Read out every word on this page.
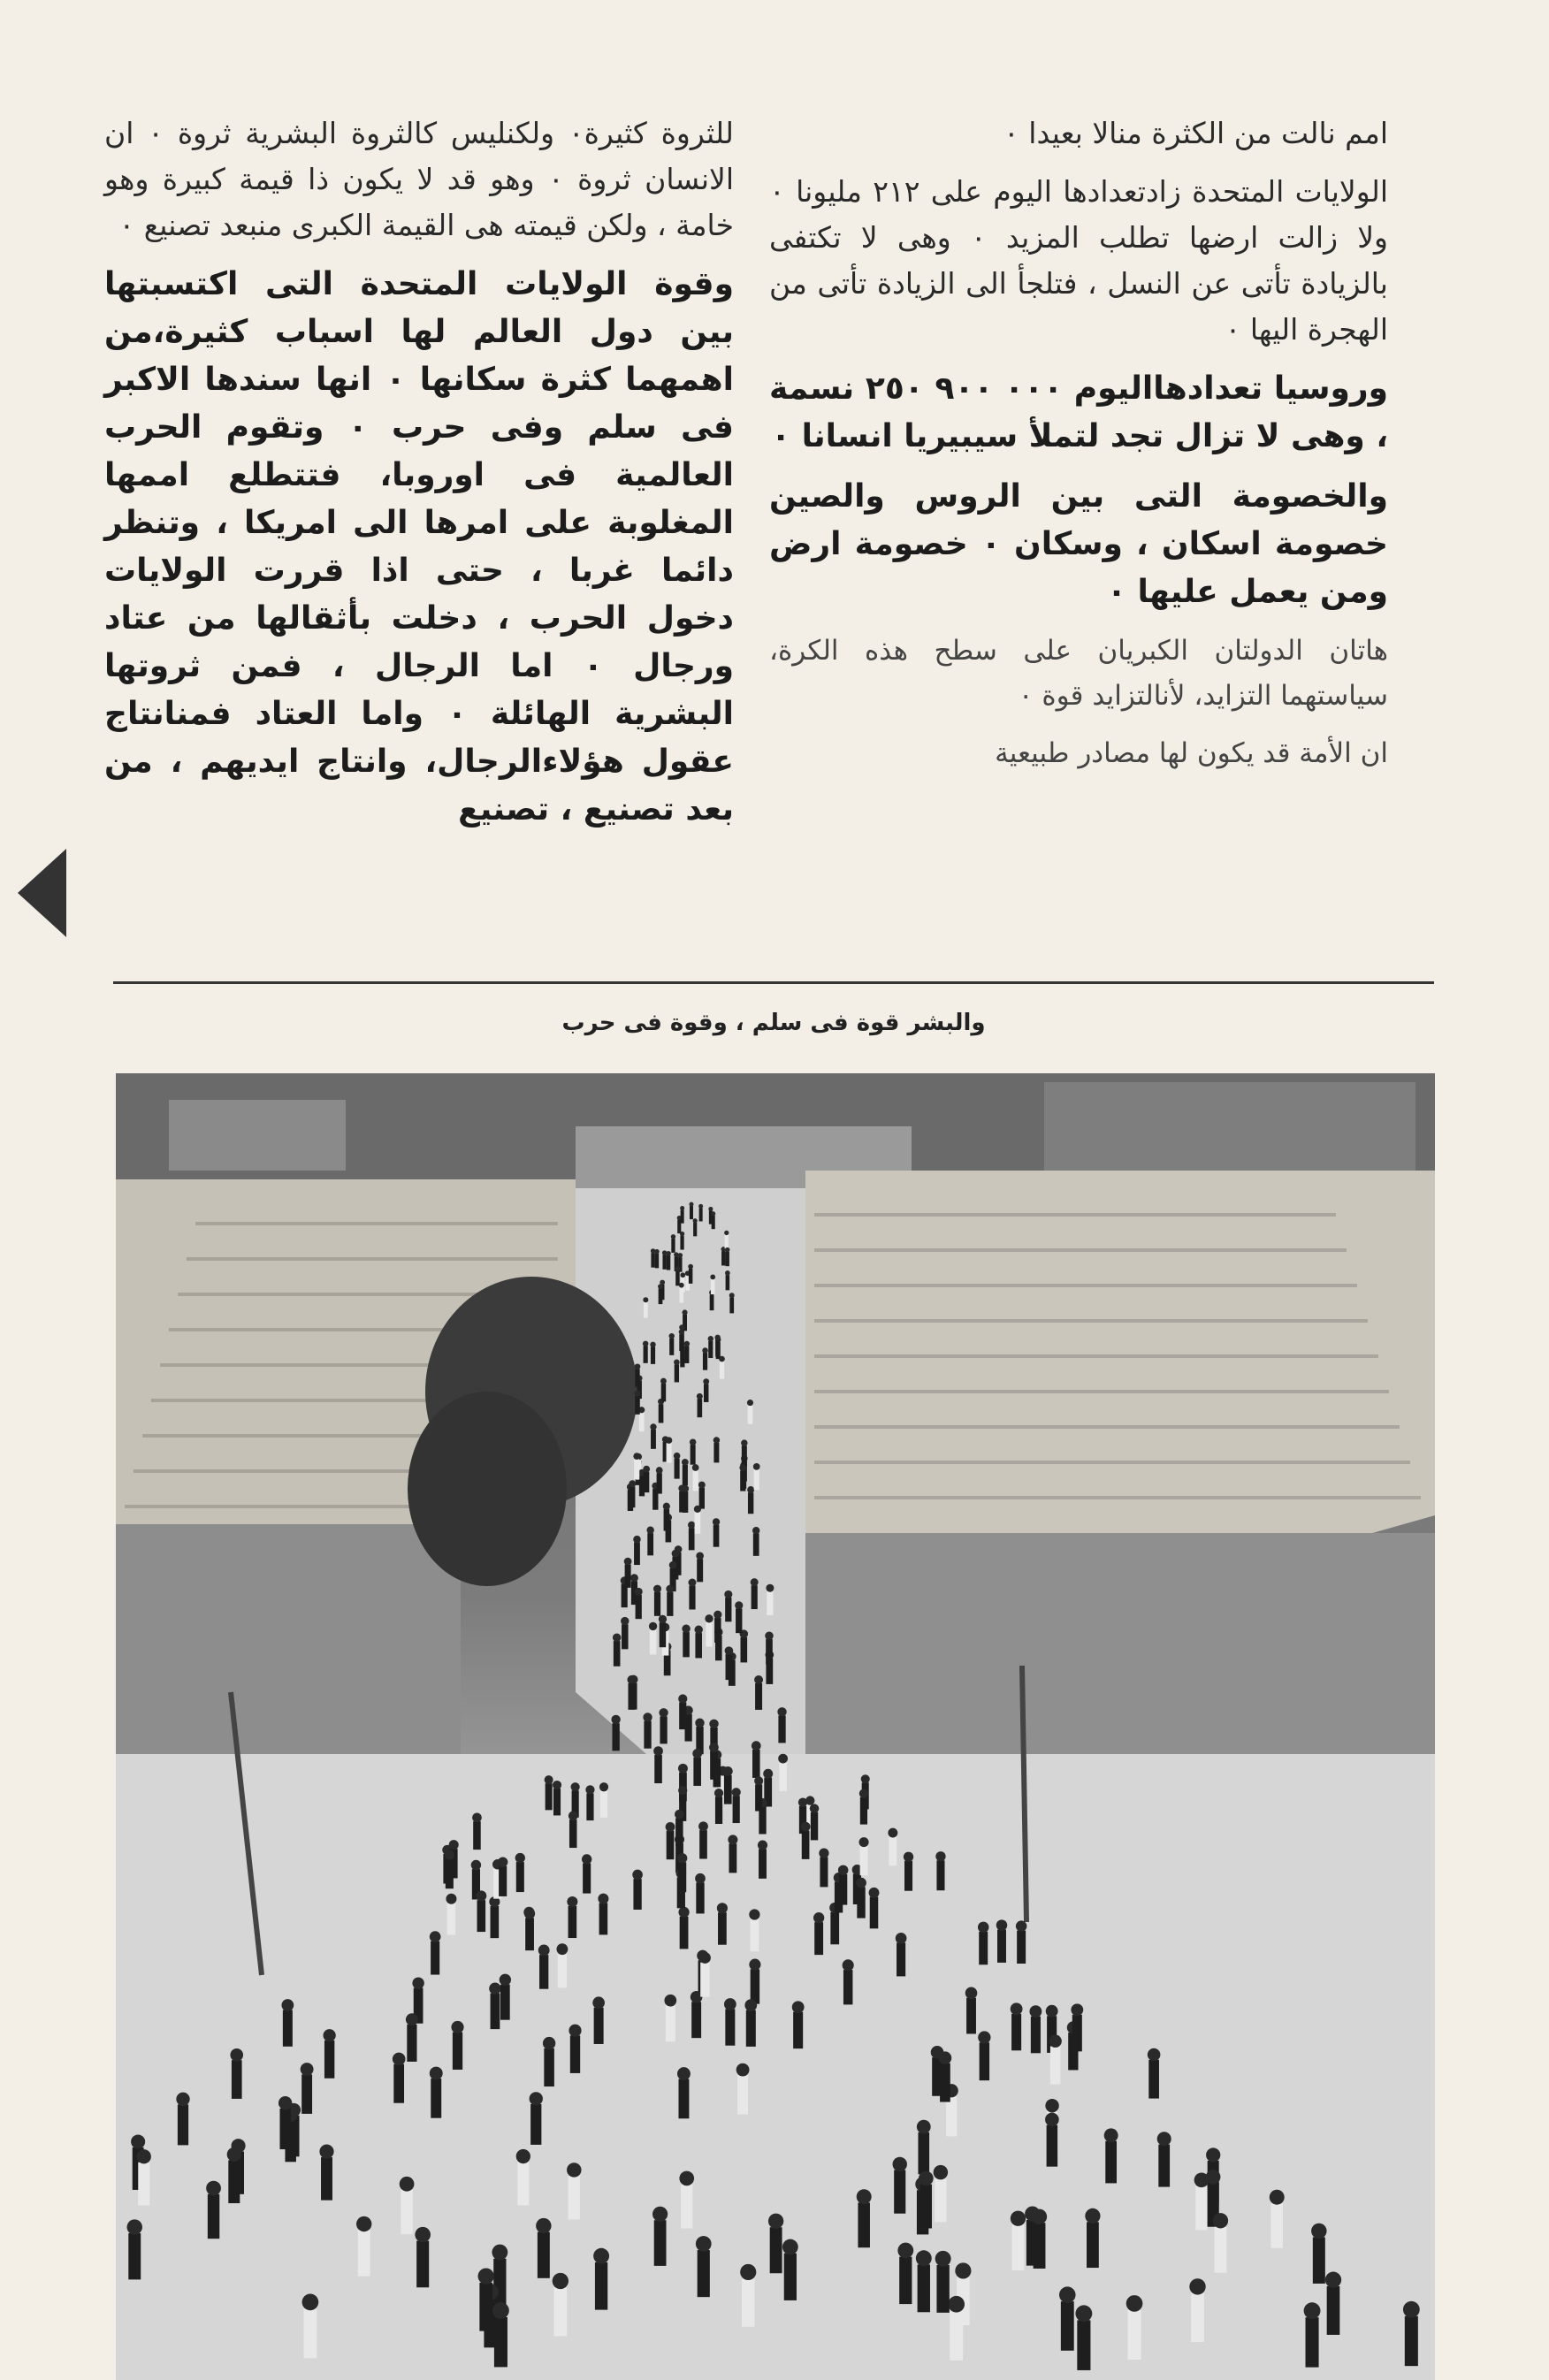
امم نالت من الكثرة منالا بعيدا ٠

الولايات المتحدة زادتعدادها اليوم على ٢١٢ مليونا ٠ ولا زالت ارضها تطلب المزيد ٠ وهى لا تكتفى بالزيادة تأتى عن النسل ، فتلجأ الى الزيادة تأتى من الهجرة اليها ٠

وروسيا تعدادهااليوم ٠٠٠ ٩٠٠ ٢٥٠ نسمة ، وهى لا تزال تجد لتملأ سيبيريا انسانا ٠

والخصومة التى بين الروس والصين خصومة اسكان ، وسكان ٠ خصومة ارض ومن يعمل عليها ٠

هاتان الدولتان الكبريان على سطح هذه الكرة، سياستهما التزايد، لأنالتزايد قوة ٠

ان الأمة قد يكون لها مصادر طبيعية

للثروة كثيرة٠ ولكنليس كالثروة البشرية ثروة ٠ ان الانسان ثروة ٠ وهو قد لا يكون ذا قيمة كبيرة وهو خامة ، ولكن قيمته هى القيمة الكبرى منبعد تصنيع ٠

وقوة الولايات المتحدة التى اكتسبتها بين دول العالم لها اسباب كثيرة،من اهمهما كثرة سكانها ٠ انها سندها الاكبر فى سلم وفى حرب ٠ وتقوم الحرب العالمية فى اوروبا، فتتطلع اممها المغلوبة على امرها الى امريكا ، وتنظر دائما غربا ، حتى اذا قررت الولايات دخول الحرب ، دخلت بأثقالها من عتاد ورجال ٠ اما الرجال ، فمن ثروتها البشرية الهائلة ٠ واما العتاد فمنانتاج عقول هؤلاءالرجال، وانتاج ايديهم ، من بعد تصنيع ، تصنيع

والبشر قوة فى سلم ، وقوة فى حرب
